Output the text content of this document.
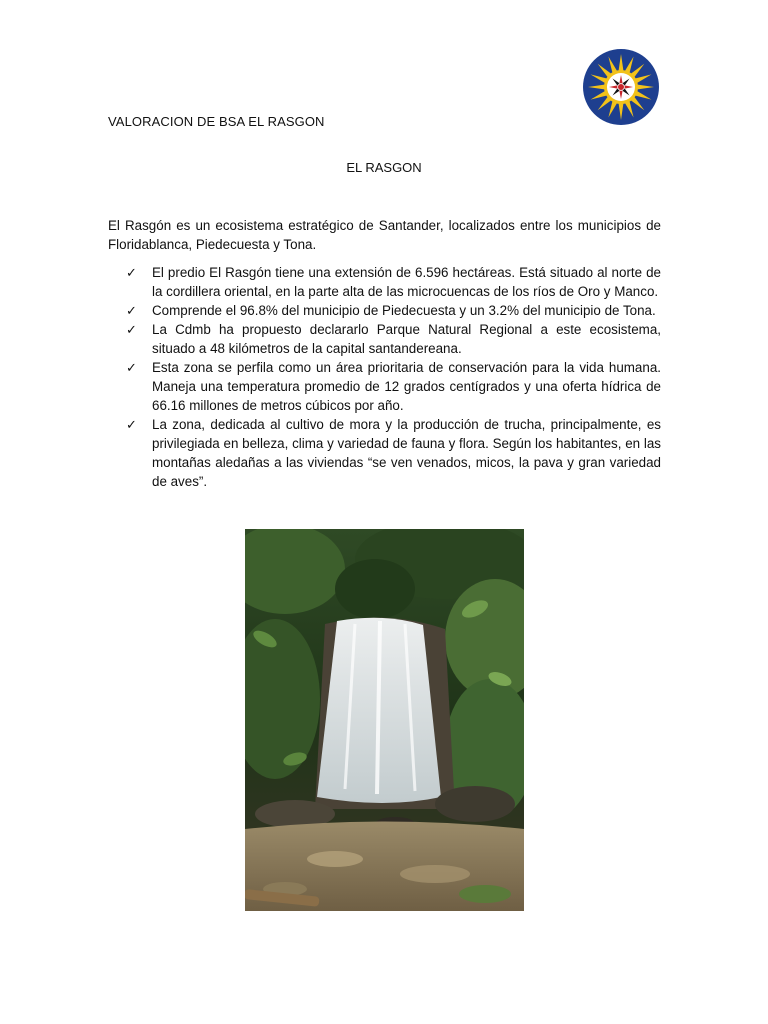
VALORACION DE BSA EL RASGON
EL RASGON

El Rasgón es un ecosistema estratégico de Santander, localizados entre los municipios de Floridablanca, Piedecuesta y Tona.

✓ El predio El Rasgón tiene una extensión de 6.596 hectáreas. Está situado al norte de la cordillera oriental, en la parte alta de las microcuencas de los ríos de Oro y Manco.
✓ Comprende el 96.8% del municipio de Piedecuesta y un 3.2% del municipio de Tona.
✓ La Cdmb ha propuesto declararlo Parque Natural Regional a este ecosistema, situado a 48 kilómetros de la capital santandereana.
✓ Esta zona se perfila como un área prioritaria de conservación para la vida humana. Maneja una temperatura promedio de 12 grados centígrados y una oferta hídrica de 66.16 millones de metros cúbicos por año.
✓ La zona, dedicada al cultivo de mora y la producción de trucha, principalmente, es privilegiada en belleza, clima y variedad de fauna y flora. Según los habitantes, en las montañas aledañas a las viviendas “se ven venados, micos, la pava y gran variedad de aves”.
